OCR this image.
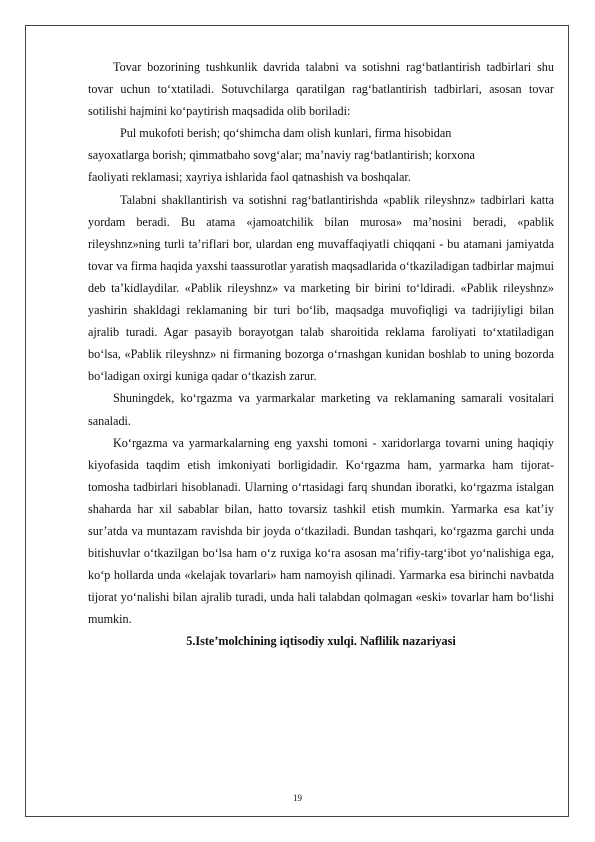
Tovar bozorining tushkunlik davrida talabni va sotishni rag‘batlantirish tadbirlari shu tovar uchun to‘xtatiladi. Sotuvchilarga qaratilgan rag‘batlantirish tadbirlari, asosan tovar sotilishi hajmini ko‘paytirish maqsadida olib boriladi:

Pul mukofoti berish; qo‘shimcha dam olish kunlari, firma hisobidan

sayoxatlarga borish; qimmatbaho sovg‘alar; ma’naviy rag‘batlantirish; korxona

faoliyati reklamasi; xayriya ishlarida faol qatnashish va boshqalar.

Talabni shakllantirish va sotishni rag‘batlantirishda «pablik rileyshnz» tadbirlari katta yordam beradi. Bu atama «jamoatchilik bilan murosa» ma’nosini beradi, «pablik rileyshnz»ning turli ta’riflari bor, ulardan eng muvaffaqiyatli chiqqani - bu atamani jamiyatda tovar va firma haqida yaxshi taassurotlar yaratish maqsadlarida o‘tkaziladigan tadbirlar majmui deb ta’kidlaydilar. «Pablik rileyshnz» va marketing bir birini to‘ldiradi. «Pablik rileyshnz» yashirin shakldagi reklamaning bir turi bo‘lib, maqsadga muvofiqligi va tadrijiyligi bilan ajralib turadi. Agar pasayib borayotgan talab sharoitida reklama faroliyati to‘xtatiladigan bo‘lsa, «Pablik rileyshnz» ni firmaning bozorga o‘rnashgan kunidan boshlab to uning bozorda bo‘ladigan oxirgi kuniga qadar o‘tkazish zarur.

Shuningdek, ko‘rgazma va yarmarkalar marketing va reklamaning samarali vositalari sanaladi.

Ko‘rgazma va yarmarkalarning eng yaxshi tomoni - xaridorlarga tovarni uning haqiqiy kiyofasida taqdim etish imkoniyati borligidadir. Ko‘rgazma ham, yarmarka ham tijorat-tomosha tadbirlari hisoblanadi. Ularning o‘rtasidagi farq shundan iboratki, ko‘rgazma istalgan shaharda har xil sabablar bilan, hatto tovarsiz tashkil etish mumkin. Yarmarka esa kat’iy sur’atda va muntazam ravishda bir joyda o‘tkaziladi. Bundan tashqari, ko‘rgazma garchi unda bitishuvlar o‘tkazilgan bo‘lsa ham o‘z ruxiga ko‘ra asosan ma’rifiy-targ‘ibot yo‘nalishiga ega, ko‘p hollarda unda «kelajak tovarlari» ham namoyish qilinadi. Yarmarka esa birinchi navbatda tijorat yo‘nalishi bilan ajralib turadi, unda hali talabdan qolmagan «eski» tovarlar ham bo‘lishi mumkin.

5.Iste’molchining iqtisodiy xulqi. Naflilik nazariyasi

19
